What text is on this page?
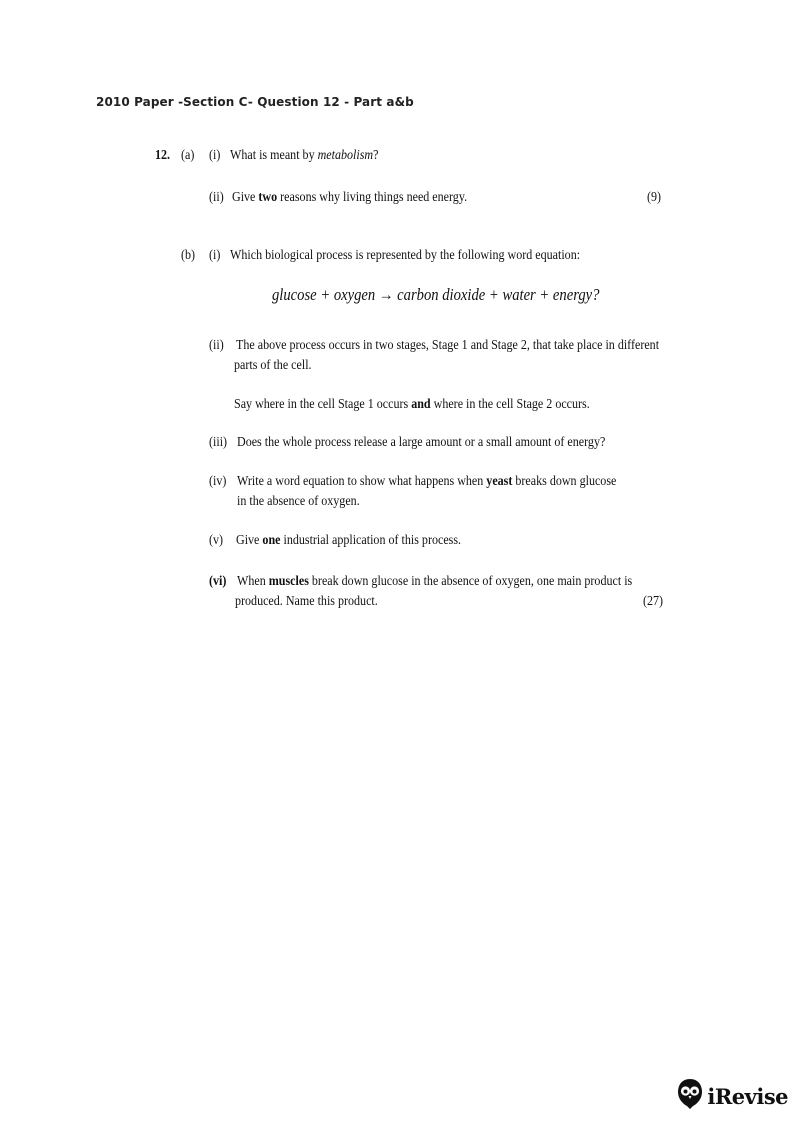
2010 Paper -Section C- Question 12 - Part a&b
12. (a) (i) What is meant by metabolism?
(ii) Give two reasons why living things need energy.	(9)
(b) (i) Which biological process is represented by the following word equation:
glucose + oxygen → carbon dioxide + water + energy?
(ii) The above process occurs in two stages, Stage 1 and Stage 2, that take place in different
parts of the cell.
Say where in the cell Stage 1 occurs and where in the cell Stage 2 occurs.
(iii) Does the whole process release a large amount or a small amount of energy?
(iv) Write a word equation to show what happens when yeast breaks down glucose
in the absence of oxygen.
(v) Give one industrial application of this process.
(vi) When muscles break down glucose in the absence of oxygen, one main product is
produced. Name this product.	(27)
iRevise
